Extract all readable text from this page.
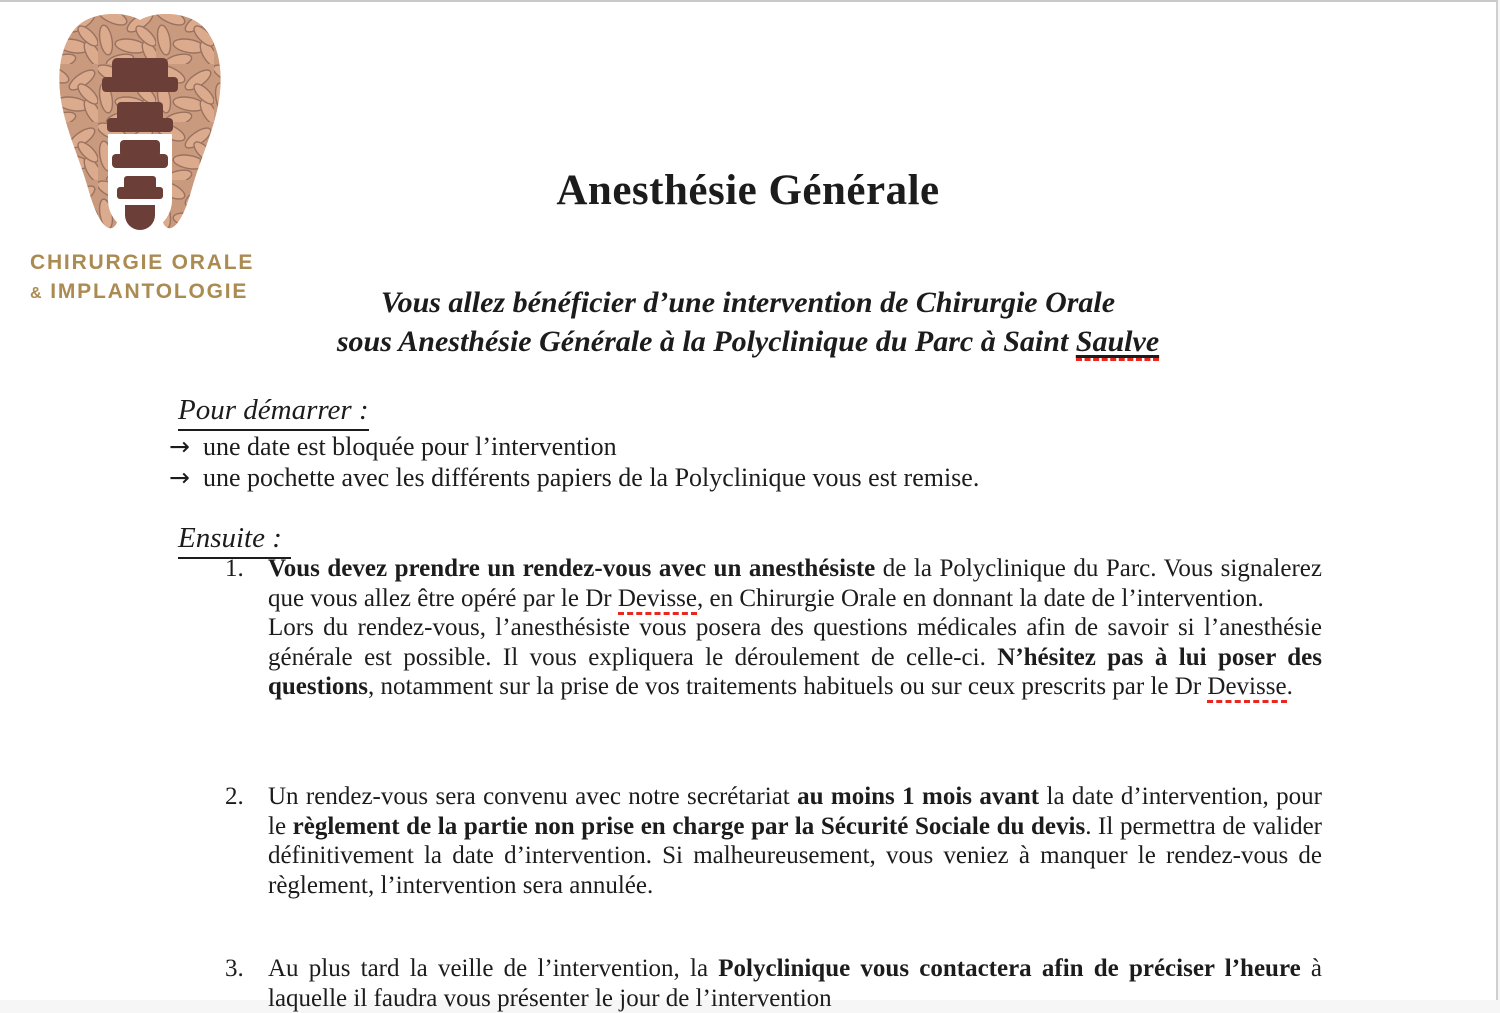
CHIRURGIE ORALE
& IMPLANTOLOGIE
Anesthésie Générale
Vous allez bénéficier d’une intervention de Chirurgie Orale
sous Anesthésie Générale à la Polyclinique du Parc à Saint Saulve
Pour démarrer :
→ une date est bloquée pour l’intervention
→ une pochette avec les différents papiers de la Polyclinique vous est remise.
Ensuite :
1. Vous devez prendre un rendez-vous avec un anesthésiste de la Polyclinique du Parc. Vous signalerez que vous allez être opéré par le Dr Devisse, en Chirurgie Orale en donnant la date de l’intervention.
Lors du rendez-vous, l’anesthésiste vous posera des questions médicales afin de savoir si l’anesthésie générale est possible. Il vous expliquera le déroulement de celle-ci. N’hésitez pas à lui poser des questions, notamment sur la prise de vos traitements habituels ou sur ceux prescrits par le Dr Devisse.
2. Un rendez-vous sera convenu avec notre secrétariat au moins 1 mois avant la date d’intervention, pour le règlement de la partie non prise en charge par la Sécurité Sociale du devis. Il permettra de valider définitivement la date d’intervention. Si malheureusement, vous veniez à manquer le rendez-vous de règlement, l’intervention sera annulée.
3. Au plus tard la veille de l’intervention, la Polyclinique vous contactera afin de préciser l’heure à laquelle il faudra vous présenter le jour de l’intervention
